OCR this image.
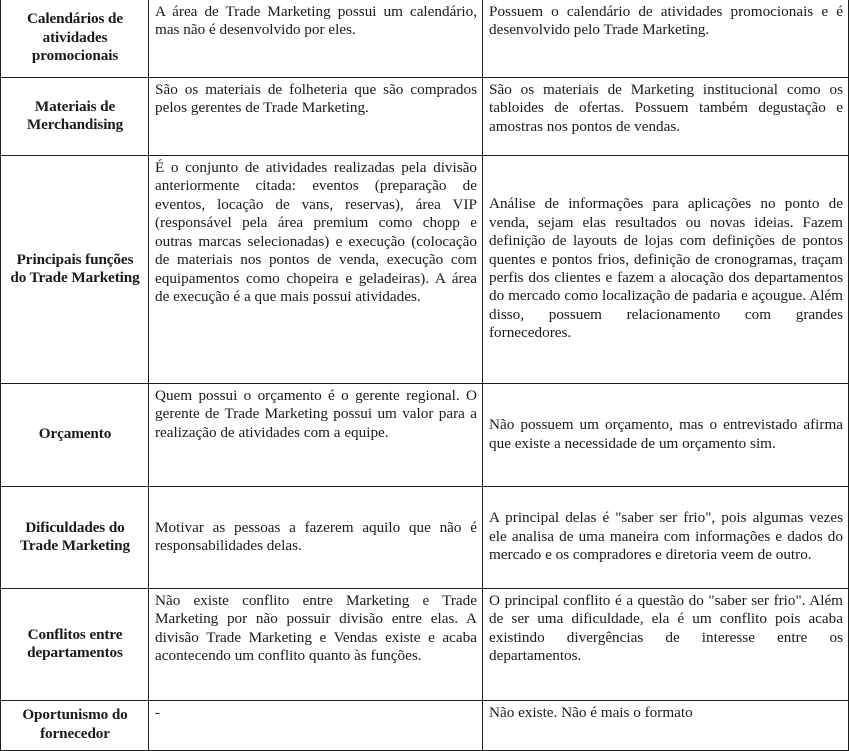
Calendários de atividades promocionais	A área de Trade Marketing possui um calendário, mas não é desenvolvido por eles.	Possuem o calendário de atividades promocionais e é desenvolvido pelo Trade Marketing.
Materiais de Merchandising	São os materiais de folheteria que são comprados pelos gerentes de Trade Marketing.	São os materiais de Marketing institucional como os tabloides de ofertas. Possuem também degustação e amostras nos pontos de vendas.
Principais funções do Trade Marketing	É o conjunto de atividades realizadas pela divisão anteriormente citada: eventos (preparação de eventos, locação de vans, reservas), área VIP (responsável pela área premium como chopp e outras marcas selecionadas) e execução (colocação de materiais nos pontos de venda, execução com equipamentos como chopeira e geladeiras). A área de execução é a que mais possui atividades.	Análise de informações para aplicações no ponto de venda, sejam elas resultados ou novas ideias. Fazem definição de layouts de lojas com definições de pontos quentes e pontos frios, definição de cronogramas, traçam perfis dos clientes e fazem a alocação dos departamentos do mercado como localização de padaria e açougue. Além disso, possuem relacionamento com grandes fornecedores.
Orçamento	Quem possui o orçamento é o gerente regional. O gerente de Trade Marketing possui um valor para a realização de atividades com a equipe.	Não possuem um orçamento, mas o entrevistado afirma que existe a necessidade de um orçamento sim.
Dificuldades do Trade Marketing	Motivar as pessoas a fazerem aquilo que não é responsabilidades delas.	A principal delas é "saber ser frio", pois algumas vezes ele analisa de uma maneira com informações e dados do mercado e os compradores e diretoria veem de outro.
Conflitos entre departamentos	Não existe conflito entre Marketing e Trade Marketing por não possuir divisão entre elas. A divisão Trade Marketing e Vendas existe e acaba acontecendo um conflito quanto às funções.	O principal conflito é a questão do "saber ser frio". Além de ser uma dificuldade, ela é um conflito pois acaba existindo divergências de interesse entre os departamentos.
Oportunismo do fornecedor	-	Não existe. Não é mais o formato
